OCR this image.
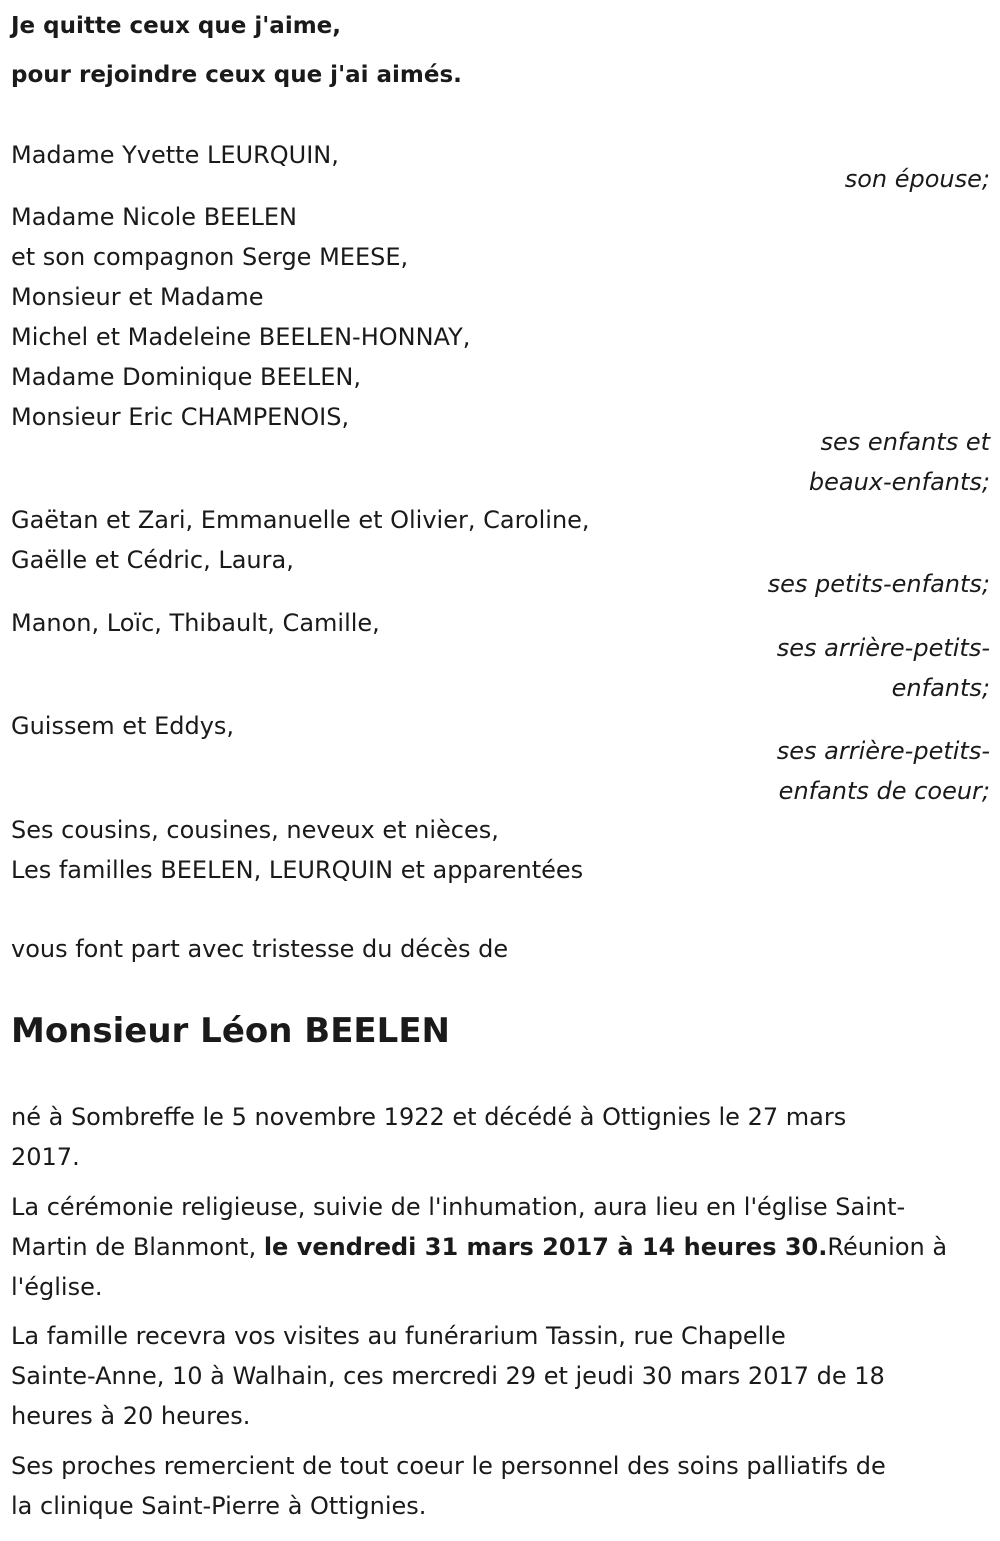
Je quitte ceux que j'aime,
pour rejoindre ceux que j'ai aimés.
Madame Yvette LEURQUIN,
son épouse;
Madame Nicole BEELEN
et son compagnon Serge MEESE,
Monsieur et Madame
Michel et Madeleine BEELEN-HONNAY,
Madame Dominique BEELEN,
Monsieur Eric CHAMPENOIS,
ses enfants et
beaux-enfants;
Gaëtan et Zari, Emmanuelle et Olivier, Caroline,
Gaëlle et Cédric, Laura,
ses petits-enfants;
Manon, Loïc, Thibault, Camille,
ses arrière-petits-
enfants;
Guissem et Eddys,
ses arrière-petits-
enfants de coeur;
Ses cousins, cousines, neveux et nièces,
Les familles BEELEN, LEURQUIN et apparentées
vous font part avec tristesse du décès de
Monsieur Léon BEELEN
né à Sombreffe le 5 novembre 1922 et décédé à Ottignies le 27 mars
2017.
La cérémonie religieuse, suivie de l'inhumation, aura lieu en l'église Saint-
Martin de Blanmont, le vendredi 31 mars 2017 à 14 heures 30.Réunion à
l'église.
La famille recevra vos visites au funérarium Tassin, rue Chapelle
Sainte-Anne, 10 à Walhain, ces mercredi 29 et jeudi 30 mars 2017 de 18
heures à 20 heures.
Ses proches remercient de tout coeur le personnel des soins palliatifs de
la clinique Saint-Pierre à Ottignies.
